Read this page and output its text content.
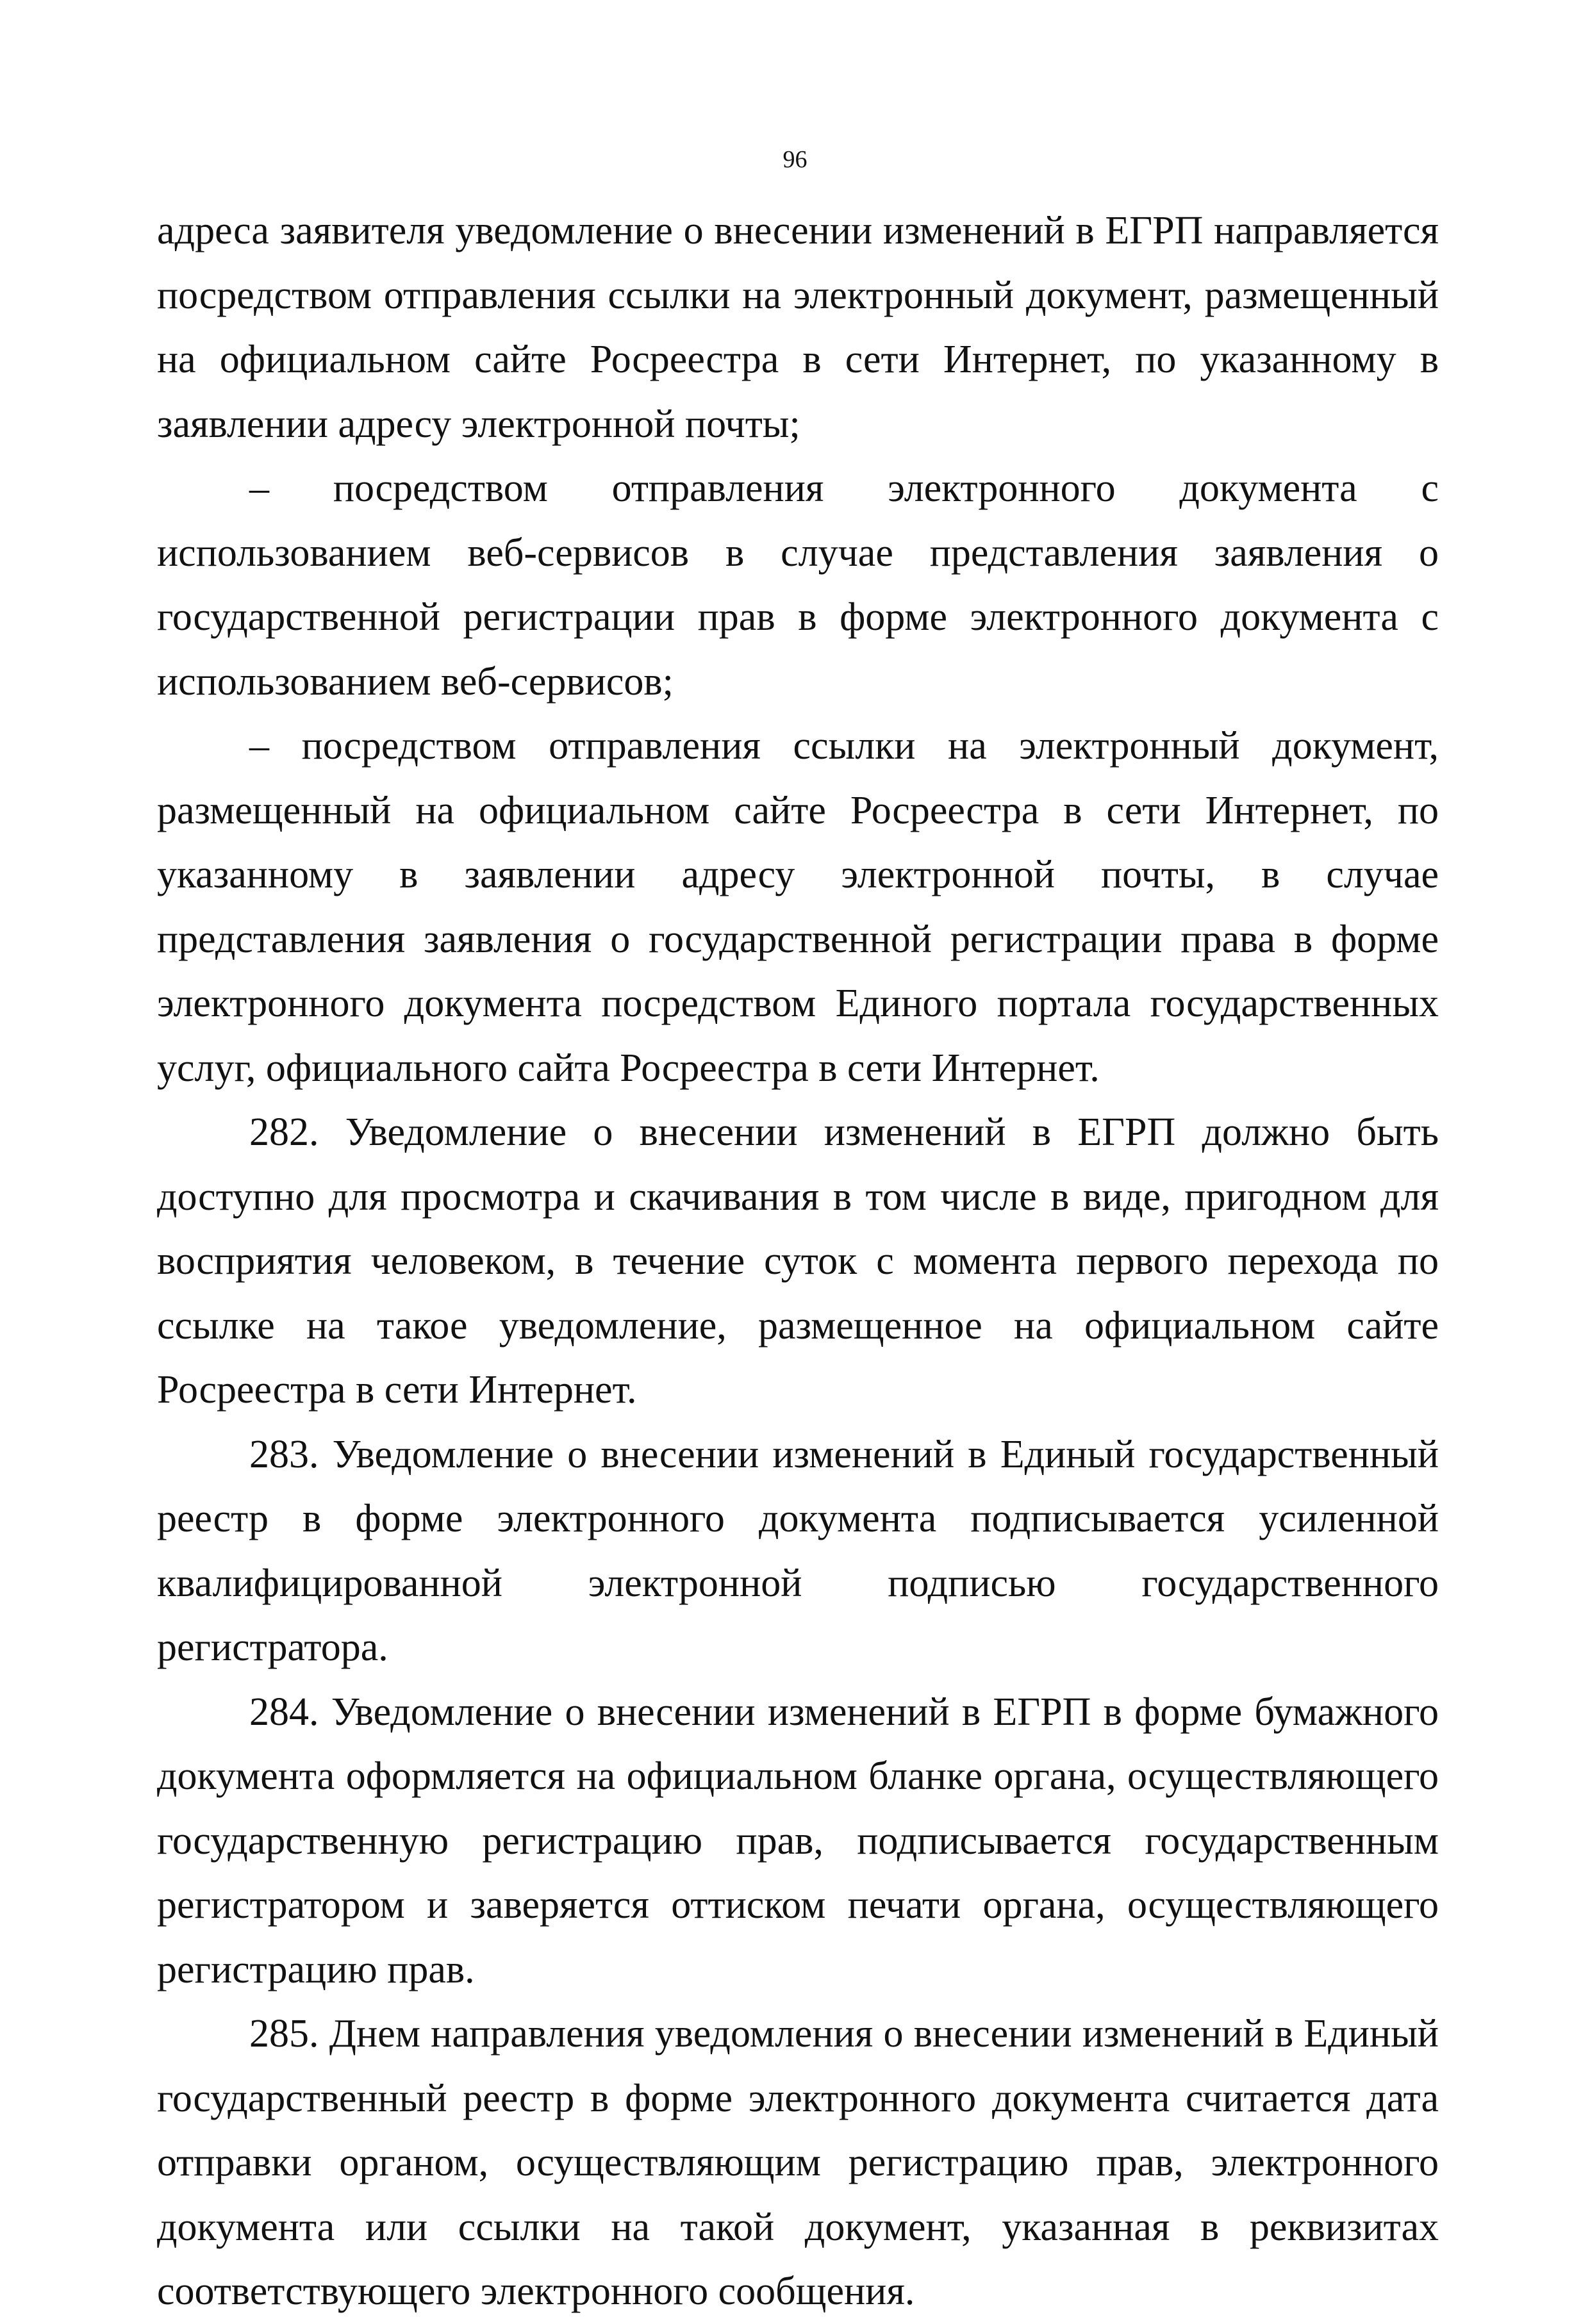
96

адреса заявителя уведомление о внесении изменений в ЕГРП направляется посредством отправления ссылки на электронный документ, размещенный на официальном сайте Росреестра в сети Интернет, по указанному в заявлении адресу электронной почты;

– посредством отправления электронного документа с использованием веб-сервисов в случае представления заявления о государственной регистрации прав в форме электронного документа с использованием веб-сервисов;

– посредством отправления ссылки на электронный документ, размещенный на официальном сайте Росреестра в сети Интернет, по указанному в заявлении адресу электронной почты, в случае представления заявления о государственной регистрации права в форме электронного документа посредством Единого портала государственных услуг, официального сайта Росреестра в сети Интернет.

282. Уведомление о внесении изменений в ЕГРП должно быть доступно для просмотра и скачивания в том числе в виде, пригодном для восприятия человеком, в течение суток с момента первого перехода по ссылке на такое уведомление, размещенное на официальном сайте Росреестра в сети Интернет.

283. Уведомление о внесении изменений в Единый государственный реестр в форме электронного документа подписывается усиленной квалифицированной электронной подписью государственного регистратора.

284. Уведомление о внесении изменений в ЕГРП в форме бумажного документа оформляется на официальном бланке органа, осуществляющего государственную регистрацию прав, подписывается государственным регистратором и заверяется оттиском печати органа, осуществляющего регистрацию прав.

285. Днем направления уведомления о внесении изменений в Единый государственный реестр в форме электронного документа считается дата отправки органом, осуществляющим регистрацию прав, электронного документа или ссылки на такой документ, указанная в реквизитах соответствующего электронного сообщения.
